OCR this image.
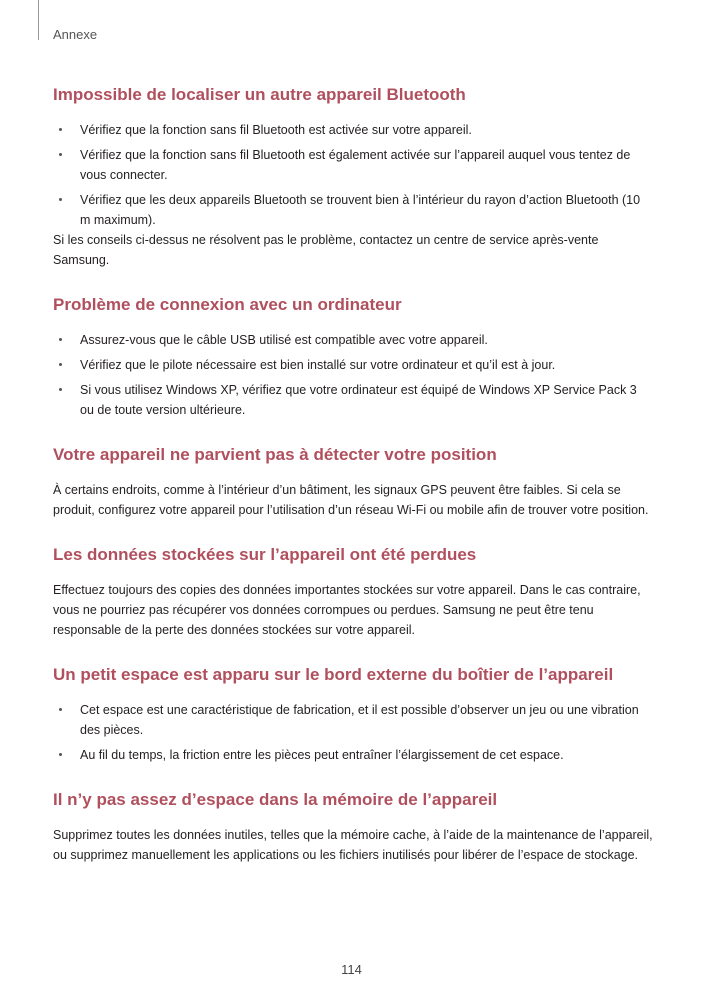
Annexe
Impossible de localiser un autre appareil Bluetooth
Vérifiez que la fonction sans fil Bluetooth est activée sur votre appareil.
Vérifiez que la fonction sans fil Bluetooth est également activée sur l’appareil auquel vous tentez de vous connecter.
Vérifiez que les deux appareils Bluetooth se trouvent bien à l’intérieur du rayon d’action Bluetooth (10 m maximum).

Si les conseils ci-dessus ne résolvent pas le problème, contactez un centre de service après-vente Samsung.

Problème de connexion avec un ordinateur
Assurez-vous que le câble USB utilisé est compatible avec votre appareil.
Vérifiez que le pilote nécessaire est bien installé sur votre ordinateur et qu’il est à jour.
Si vous utilisez Windows XP, vérifiez que votre ordinateur est équipé de Windows XP Service Pack 3 ou de toute version ultérieure.
Votre appareil ne parvient pas à détecter votre position

À certains endroits, comme à l’intérieur d’un bâtiment, les signaux GPS peuvent être faibles. Si cela se produit, configurez votre appareil pour l’utilisation d’un réseau Wi-Fi ou mobile afin de trouver votre position.

Les données stockées sur l’appareil ont été perdues

Effectuez toujours des copies des données importantes stockées sur votre appareil. Dans le cas contraire, vous ne pourriez pas récupérer vos données corrompues ou perdues. Samsung ne peut être tenu responsable de la perte des données stockées sur votre appareil.

Un petit espace est apparu sur le bord externe du boîtier de l’appareil
Cet espace est une caractéristique de fabrication, et il est possible d’observer un jeu ou une vibration des pièces.
Au fil du temps, la friction entre les pièces peut entraîner l’élargissement de cet espace.
Il n’y pas assez d’espace dans la mémoire de l’appareil

Supprimez toutes les données inutiles, telles que la mémoire cache, à l’aide de la maintenance de l’appareil, ou supprimez manuellement les applications ou les fichiers inutilisés pour libérer de l’espace de stockage.

114
